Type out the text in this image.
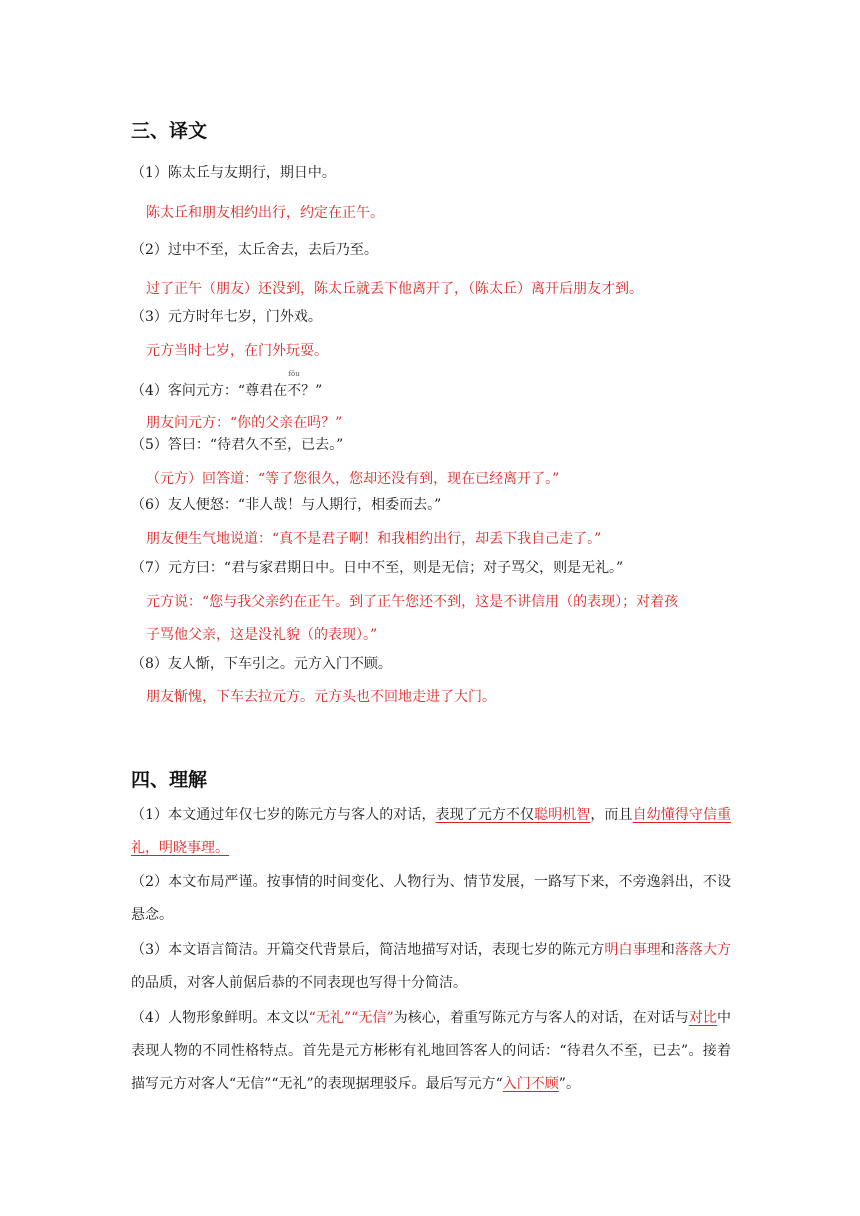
三、译文
（1）陈太丘与友期行，期日中。
陈太丘和朋友相约出行，约定在正午。
（2）过中不至，太丘舍去，去后乃至。
过了正午（朋友）还没到，陈太丘就丢下他离开了，（陈太丘）离开后朋友才到。
（3）元方时年七岁，门外戏。
元方当时七岁，在门外玩耍。
（4）客问元方：“尊君在
fǒu
不？”
朋友问元方：“你的父亲在吗？”
（5）答曰：“待君久不至，已去。”
（元方）回答道：“等了您很久，您却还没有到，现在已经离开了。”
（6）友人便怒：“非人哉！与人期行，相委而去。”
朋友便生气地说道：“真不是君子啊！和我相约出行，却丢下我自己走了。”
（7）元方曰：“君与家君期日中。日中不至，则是无信；对子骂父，则是无礼。”
元方说：“您与我父亲约在正午。到了正午您还不到，这是不讲信用（的表现）；对着孩
子骂他父亲，这是没礼貌（的表现）。”
（8）友人惭，下车引之。元方入门不顾。
朋友惭愧，下车去拉元方。元方头也不回地走进了大门。
四、理解
（1）本文通过年仅七岁的陈元方与客人的对话，表现了元方不仅聪明机智，而且自幼懂得守信重礼，明晓事理。
（2）本文布局严谨。按事情的时间变化、人物行为、情节发展，一路写下来，不旁逸斜出，不设悬念。
（3）本文语言简洁。开篇交代背景后，简洁地描写对话，表现七岁的陈元方明白事理和落落大方的品质，对客人前倨后恭的不同表现也写得十分简洁。
（4）人物形象鲜明。本文以“无礼”“无信”为核心，着重写陈元方与客人的对话，在对话与对比中表现人物的不同性格特点。首先是元方彬彬有礼地回答客人的问话：“待君久不至，已去”。接着描写元方对客人“无信”“无礼”的表现据理驳斥。最后写元方“入门不顾”。
